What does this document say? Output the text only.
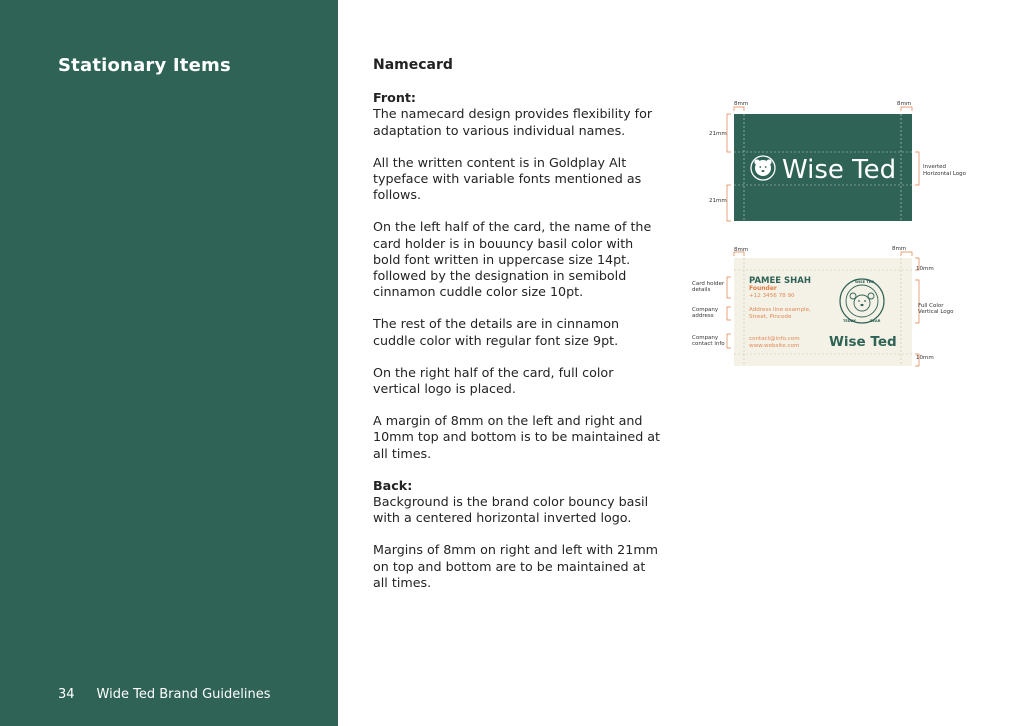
Stationary Items
34 Wide Ted Brand Guidelines

Namecard

Front:
The namecard design provides flexibility for adaptation to various individual names.

All the written content is in Goldplay Alt typeface with variable fonts mentioned as follows.

On the left half of the card, the name of the card holder is in bouuncy basil color with bold font written in uppercase size 14pt. followed by the designation in semibold cinnamon cuddle color size 10pt.

The rest of the details are in cinnamon cuddle color with regular font size 9pt.

On the right half of the card, full color vertical logo is placed.

A margin of 8mm on the left and right and 10mm top and bottom is to be maintained at all times.

Back:
Background is the brand color bouncy basil with a centered horizontal inverted logo.

Margins of 8mm on right and left with 21mm on top and bottom are to be maintained at all times.

Wise Ted
8mm	8mm
21mm
21mm
Inverted
Horizontal Logo
PAMEE SHAH
Founder
+12 3456 78 90
Address line example,
Street, Pincode
contact@info.com
www.website.com
WISE TED
TEDDY	BEAR
Wise Ted
8mm	8mm
10mm
10mm
Card holder
details
Company
address
Company
contact info
Full Color
Vertical Logo
